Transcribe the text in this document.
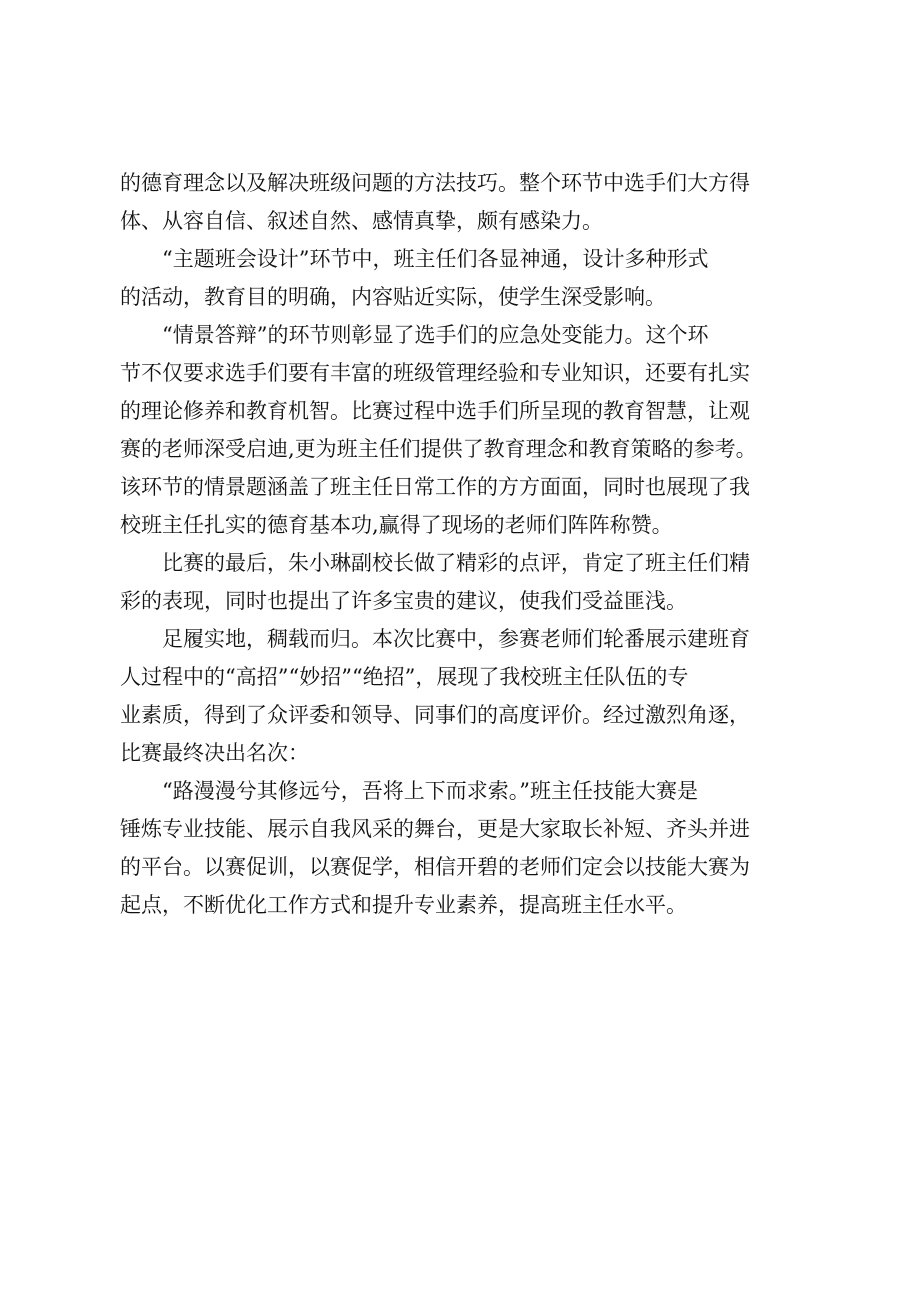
的德育理念以及解决班级问题的方法技巧。整个环节中选手们大方得
体、从容自信、叙述自然、感情真挚，颇有感染力。
“主题班会设计”环节中，班主任们各显神通，设计多种形式
的活动，教育目的明确，内容贴近实际，使学生深受影响。
“情景答辩”的环节则彰显了选手们的应急处变能力。这个环
节不仅要求选手们要有丰富的班级管理经验和专业知识，还要有扎实
的理论修养和教育机智。比赛过程中选手们所呈现的教育智慧，让观
赛的老师深受启迪,更为班主任们提供了教育理念和教育策略的参考。
该环节的情景题涵盖了班主任日常工作的方方面面，同时也展现了我
校班主任扎实的德育基本功,赢得了现场的老师们阵阵称赞。
比赛的最后，朱小琳副校长做了精彩的点评，肯定了班主任们精
彩的表现，同时也提出了许多宝贵的建议，使我们受益匪浅。
足履实地，稠载而归。本次比赛中，参赛老师们轮番展示建班育
人过程中的“高招”“妙招”“绝招”，展现了我校班主任队伍的专
业素质，得到了众评委和领导、同事们的高度评价。经过激烈角逐，
比赛最终决出名次：
“路漫漫兮其修远兮，吾将上下而求索。”班主任技能大赛是
锤炼专业技能、展示自我风采的舞台，更是大家取长补短、齐头并进
的平台。以赛促训，以赛促学，相信开碧的老师们定会以技能大赛为
起点，不断优化工作方式和提升专业素养，提高班主任水平。
